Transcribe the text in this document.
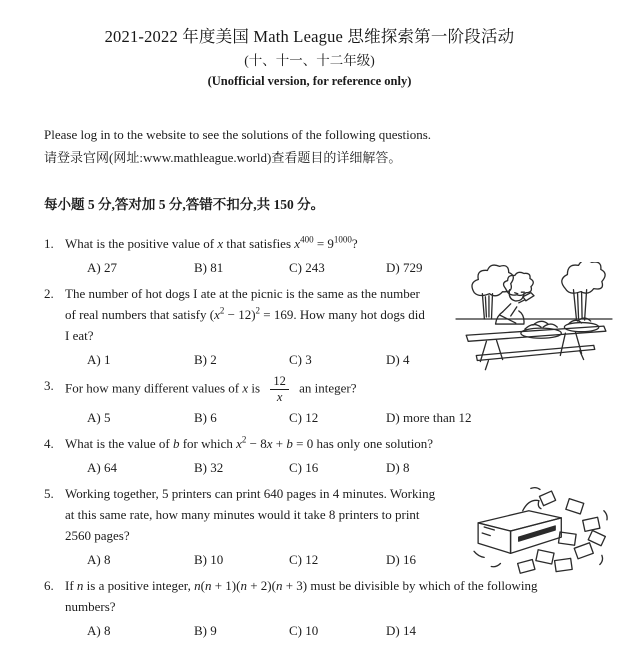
2021-2022 年度美国 Math League 思维探索第一阶段活动
(十、十一、十二年级)
(Unofficial version, for reference only)
Please log in to the website to see the solutions of the following questions.
请登录官网(网址:www.mathleague.world)查看题目的详细解答。
每小题 5 分,答对加 5 分,答错不扣分,共 150 分。
1. What is the positive value of x that satisfies $x^{400} = 9^{1000}$?
A) 27	B) 81	C) 243	D) 729
2. The number of hot dogs I ate at the picnic is the same as the number
of real numbers that satisfy $(x^2 - 12)^2 = 169$. How many hot dogs did
I eat?
A) 1	B) 2	C) 3	D) 4
3. For how many different values of x is $\frac{12}{x}$ an integer?
A) 5	B) 6	C) 12	D) more than 12
4. What is the value of b for which $x^2 - 8x + b = 0$ has only one solution?
A) 64	B) 32	C) 16	D) 8
5. Working together, 5 printers can print 640 pages in 4 minutes. Working
at this same rate, how many minutes would it take 8 printers to print
2560 pages?
A) 8	B) 10	C) 12	D) 16
6. If n is a positive integer, n(n + 1)(n + 2)(n + 3) must be divisible by which of the following
numbers?
A) 8	B) 9	C) 10	D) 14
